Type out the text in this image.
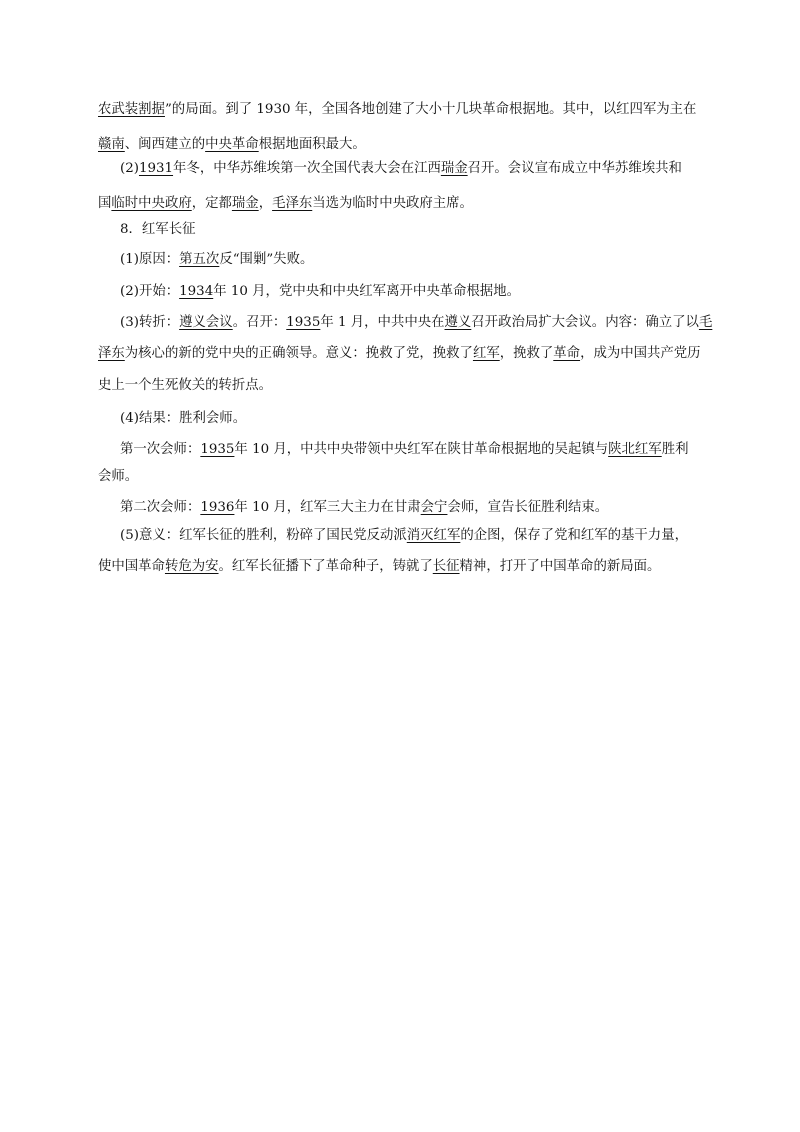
农武装割据”的局面。到了 1930 年，全国各地创建了大小十几块革命根据地。其中，以红四军为主在
赣南、闽西建立的中央革命根据地面积最大。
(2)1931年冬，中华苏维埃第一次全国代表大会在江西瑞金召开。会议宣布成立中华苏维埃共和
国临时中央政府，定都瑞金，毛泽东当选为临时中央政府主席。
8．红军长征
(1)原因：第五次反“围剿”失败。
(2)开始：1934年 10 月，党中央和中央红军离开中央革命根据地。
(3)转折：遵义会议。召开：1935年 1 月，中共中央在遵义召开政治局扩大会议。内容：确立了以毛
泽东为核心的新的党中央的正确领导。意义：挽救了党，挽救了红军，挽救了革命，成为中国共产党历
史上一个生死攸关的转折点。
(4)结果：胜利会师。
第一次会师：1935年 10 月，中共中央带领中央红军在陕甘革命根据地的吴起镇与陕北红军胜利
会师。
第二次会师：1936年 10 月，红军三大主力在甘肃会宁会师，宣告长征胜利结束。
(5)意义：红军长征的胜利，粉碎了国民党反动派消灭红军的企图，保存了党和红军的基干力量，
使中国革命转危为安。红军长征播下了革命种子，铸就了长征精神，打开了中国革命的新局面。
